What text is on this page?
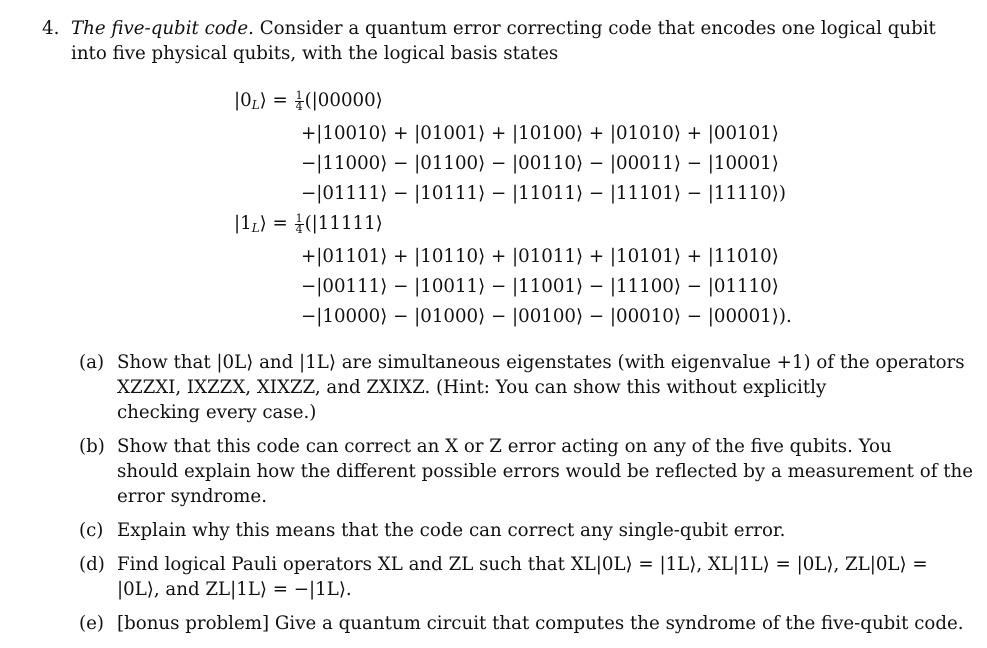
4. The five-qubit code. Consider a quantum error correcting code that encodes one logical qubit
into five physical qubits, with the logical basis states
$|0_L⟩ = \frac{1}{4}$ (|00000⟩
+|10010⟩ + |01001⟩ + |10100⟩ + |01010⟩ + |00101⟩
−|11000⟩ − |01100⟩ − |00110⟩ − |00011⟩ − |10001⟩
−|01111⟩ − |10111⟩ − |11011⟩ − |11101⟩ − |11110⟩)
$|1_L⟩ = \frac{1}{4}$ (|11111⟩
+|01101⟩ + |10110⟩ + |01011⟩ + |10101⟩ + |11010⟩
−|00111⟩ − |10011⟩ − |11001⟩ − |11100⟩ − |01110⟩
−|10000⟩ − |01000⟩ − |00100⟩ − |00010⟩ − |00001⟩).
(a) Show that |0L⟩ and |1L⟩ are simultaneous eigenstates (with eigenvalue +1) of the operators
XZZXI, IXZZX, XIXZZ, and ZXIXZ. (Hint: You can show this without explicitly
checking every case.)
(b) Show that this code can correct an X or Z error acting on any of the five qubits. You
should explain how the different possible errors would be reflected by a measurement of the
error syndrome.
(c) Explain why this means that the code can correct any single-qubit error.
(d) Find logical Pauli operators XL and ZL such that XL|0L⟩ = |1L⟩, XL|1L⟩ = |0L⟩, ZL|0L⟩ =
|0L⟩, and ZL|1L⟩ = −|1L⟩.
(e) [bonus problem] Give a quantum circuit that computes the syndrome of the five-qubit code.
